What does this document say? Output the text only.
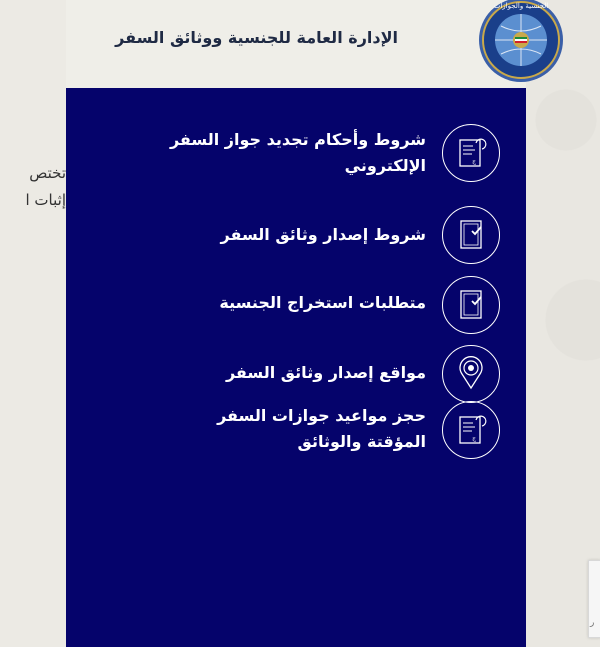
تختص
إثبات ا
الإدارة العامة للجنسية ووثائق السفر
الجنسية والجوازات
ج
شروط وأحكام تجديد جواز السفر الإلكتروني
شروط إصدار وثائق السفر
متطلبات استخراج الجنسية
مواقع إصدار وثائق السفر
ج
حجز مواعيد جوازات السفر المؤقتة والوثائق
ر
